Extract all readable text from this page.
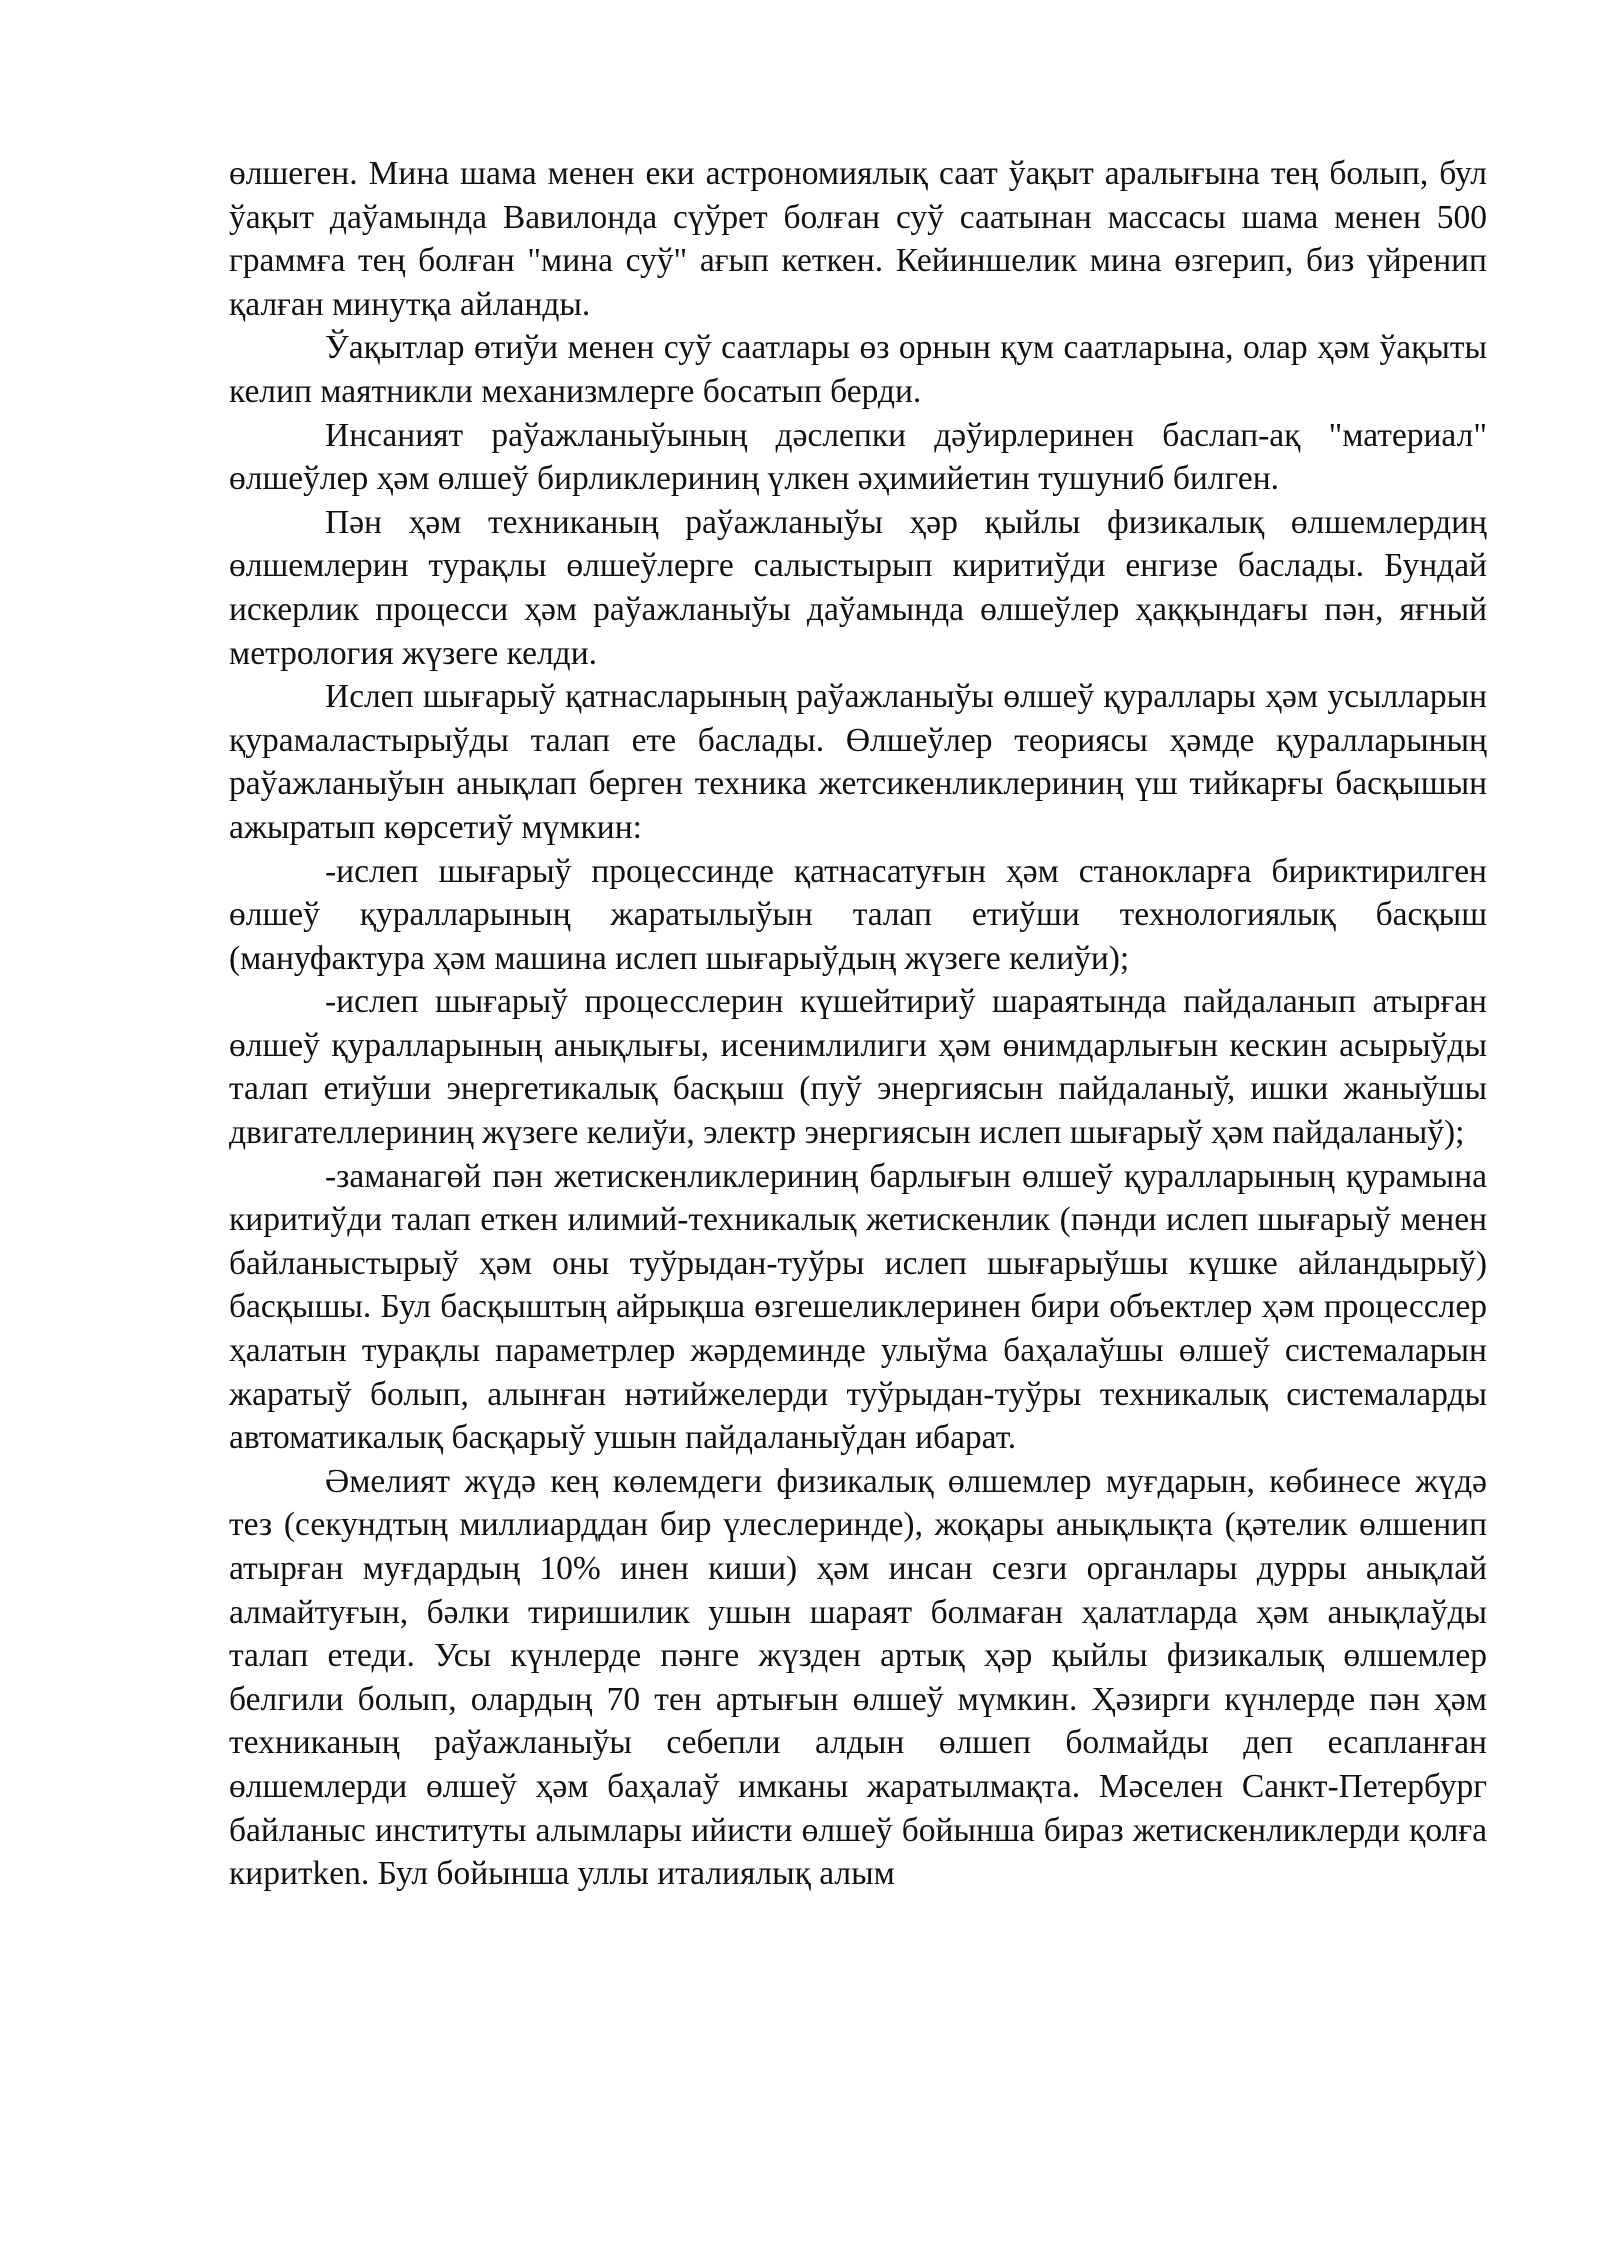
өлшеген. Мина шама менен еки астрономиялық саат ўақыт аралығына тең болып, бул ўақыт даўамында Вавилонда сүўрет болған суў саатынан массасы шама менен 500 граммға тең болған "мина суў" ағып кеткен. Кейиншелик мина өзгерип, биз үйренип қалған минутқа айланды.

Ўақытлар өтиўи менен суў саатлары өз орнын қум саатларына, олар ҳәм ўақыты келип маятникли механизмлерге босатып берди.

Инсаният раўажланыўының дәслепки дәўирлеринен баслап-ақ "материал" өлшеўлер ҳәм өлшеў бирликлериниң үлкен әҳимийетин тушуниб билген.

Пән ҳәм техниканың раўажланыўы ҳәр қыйлы физикалық өлшемлердиң өлшемлерин турақлы өлшеўлерге салыстырып киритиўди енгизе баслады. Бундай искерлик процесси ҳәм раўажланыўы даўамында өлшеўлер ҳаққындағы пән, яғный метрология жүзеге келди.

Ислеп шығарыў қатнасларының раўажланыўы өлшеў қураллары ҳәм усылларын қурамаластырыўды талап ете баслады. Өлшеўлер теориясы ҳәмде қуралларының раўажланыўын анықлап берген техника жетсикенликлериниң үш тийкарғы басқышын ажыратып көрсетиў мүмкин:

-ислеп шығарыў процессинде қатнасатуғын ҳәм станокларға бириктирилген өлшеў қуралларының жаратылыўын талап етиўши технологиялық басқыш (мануфактура ҳәм машина ислеп шығарыўдың жүзеге келиўи);

-ислеп шығарыў процесслерин күшейтириў шараятында пайдаланып атырған өлшеў қуралларының анықлығы, исенимлилиги ҳәм өнимдарлығын кескин асырыўды талап етиўши энергетикалық басқыш (пуў энергиясын пайдаланыў, ишки жаныўшы двигателлериниң жүзеге келиўи, электр энергиясын ислеп шығарыў ҳәм пайдаланыў);

-заманагөй пән жетискенликлериниң барлығын өлшеў қуралларының қурамына киритиўди талап еткен илимий-техникалық жетискенлик (пәнди ислеп шығарыў менен байланыстырыў ҳәм оны туўрыдан-туўры ислеп шығарыўшы күшке айландырыў) басқышы. Бул басқыштың айрықша өзгешеликлеринен бири объектлер ҳәм процесслер ҳалатын турақлы параметрлер жәрдеминде улыўма баҳалаўшы өлшеў системаларын жаратыў болып, алынған нәтийжелерди туўрыдан-туўры техникалық системаларды автоматикалық басқарыў ушын пайдаланыўдан ибарат.

Әмелият жүдә кең көлемдеги физикалық өлшемлер муғдарын, көбинесе жүдә тез (секундтың миллиарддан бир үлеслеринде), жоқары анықлықта (қәтелик өлшенип атырған муғдардың 10% инен киши) ҳәм инсан сезги органлары дурры анықлай алмайтуғын, бәлки тиришилик ушын шараят болмаған ҳалатларда ҳәм анықлаўды талап етеди. Усы күнлерде пәнге жүзден артық ҳәр қыйлы физикалық өлшемлер белгили болып, олардың 70 тен артығын өлшеў мүмкин. Ҳәзирги күнлерде пән ҳәм техниканың раўажланыўы себепли алдын өлшеп болмайды деп есапланған өлшемлерди өлшеў ҳәм баҳалаў имканы жаратылмақта. Мәселен Санкт-Петербург байланыс институты алымлары ийисти өлшеў бойынша бираз жетискенликлерди қолға киритken. Бул бойынша уллы италиялық алым
